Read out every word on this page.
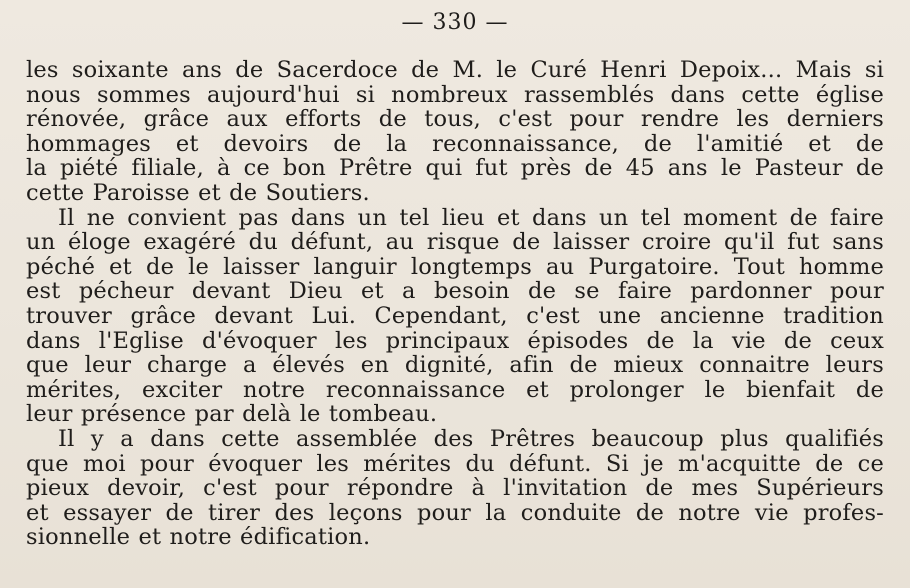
— 330 —
les soixante ans de Sacerdoce de M. le Curé Henri Depoix... Mais si
nous sommes aujourd'hui si nombreux rassemblés dans cette église
rénovée, grâce aux efforts de tous, c'est pour rendre les derniers
hommages et devoirs de la reconnaissance, de l'amitié et de
la piété filiale, à ce bon Prêtre qui fut près de 45 ans le Pasteur de
cette Paroisse et de Soutiers.
Il ne convient pas dans un tel lieu et dans un tel moment de faire
un éloge exagéré du défunt, au risque de laisser croire qu'il fut sans
péché et de le laisser languir longtemps au Purgatoire. Tout homme
est pécheur devant Dieu et a besoin de se faire pardonner pour
trouver grâce devant Lui. Cependant, c'est une ancienne tradition
dans l'Eglise d'évoquer les principaux épisodes de la vie de ceux
que leur charge a élevés en dignité, afin de mieux connaitre leurs
mérites, exciter notre reconnaissance et prolonger le bienfait de
leur présence par delà le tombeau.
Il y a dans cette assemblée des Prêtres beaucoup plus qualifiés
que moi pour évoquer les mérites du défunt. Si je m'acquitte de ce
pieux devoir, c'est pour répondre à l'invitation de mes Supérieurs
et essayer de tirer des leçons pour la conduite de notre vie profes-
sionnelle et notre édification.
